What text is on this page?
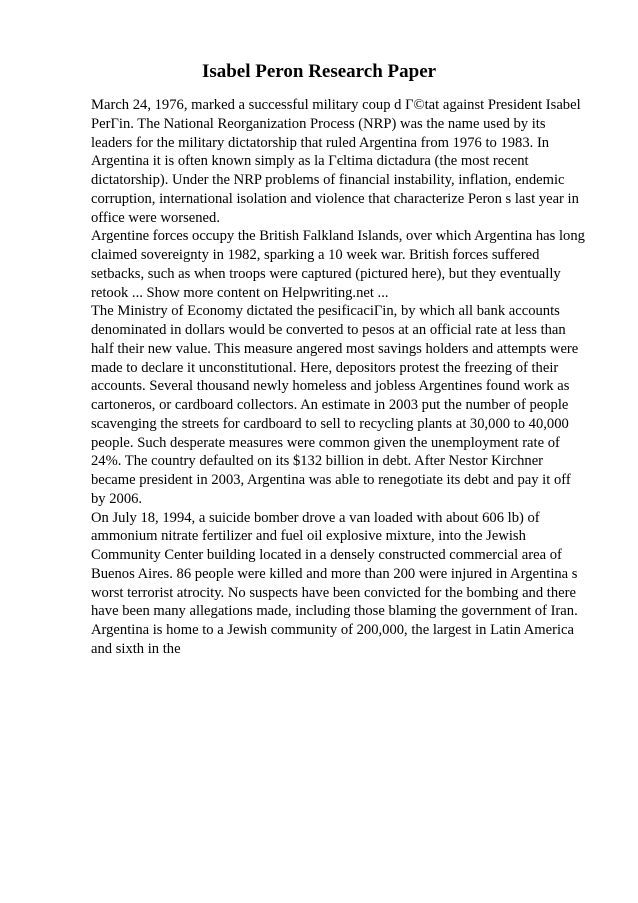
Isabel Peron Research Paper

March 24, 1976, marked a successful military coup d Г©tat against President Isabel PerГіn. The National Reorganization Process (NRP) was the name used by its leaders for the military dictatorship that ruled Argentina from 1976 to 1983. In Argentina it is often known simply as la Гєltima dictadura (the most recent dictatorship). Under the NRP problems of financial instability, inflation, endemic corruption, international isolation and violence that characterize Peron s last year in office were worsened.

Argentine forces occupy the British Falkland Islands, over which Argentina has long claimed sovereignty in 1982, sparking a 10 week war. British forces suffered setbacks, such as when troops were captured (pictured here), but they eventually retook ... Show more content on Helpwriting.net ...

The Ministry of Economy dictated the pesificaciГіn, by which all bank accounts denominated in dollars would be converted to pesos at an official rate at less than half their new value. This measure angered most savings holders and attempts were made to declare it unconstitutional. Here, depositors protest the freezing of their accounts. Several thousand newly homeless and jobless Argentines found work as cartoneros, or cardboard collectors. An estimate in 2003 put the number of people scavenging the streets for cardboard to sell to recycling plants at 30,000 to 40,000 people. Such desperate measures were common given the unemployment rate of 24%. The country defaulted on its $132 billion in debt. After Nestor Kirchner became president in 2003, Argentina was able to renegotiate its debt and pay it off by 2006.

On July 18, 1994, a suicide bomber drove a van loaded with about 606 lb) of ammonium nitrate fertilizer and fuel oil explosive mixture, into the Jewish Community Center building located in a densely constructed commercial area of Buenos Aires. 86 people were killed and more than 200 were injured in Argentina s worst terrorist atrocity. No suspects have been convicted for the bombing and there have been many allegations made, including those blaming the government of Iran. Argentina is home to a Jewish community of 200,000, the largest in Latin America and sixth in the
